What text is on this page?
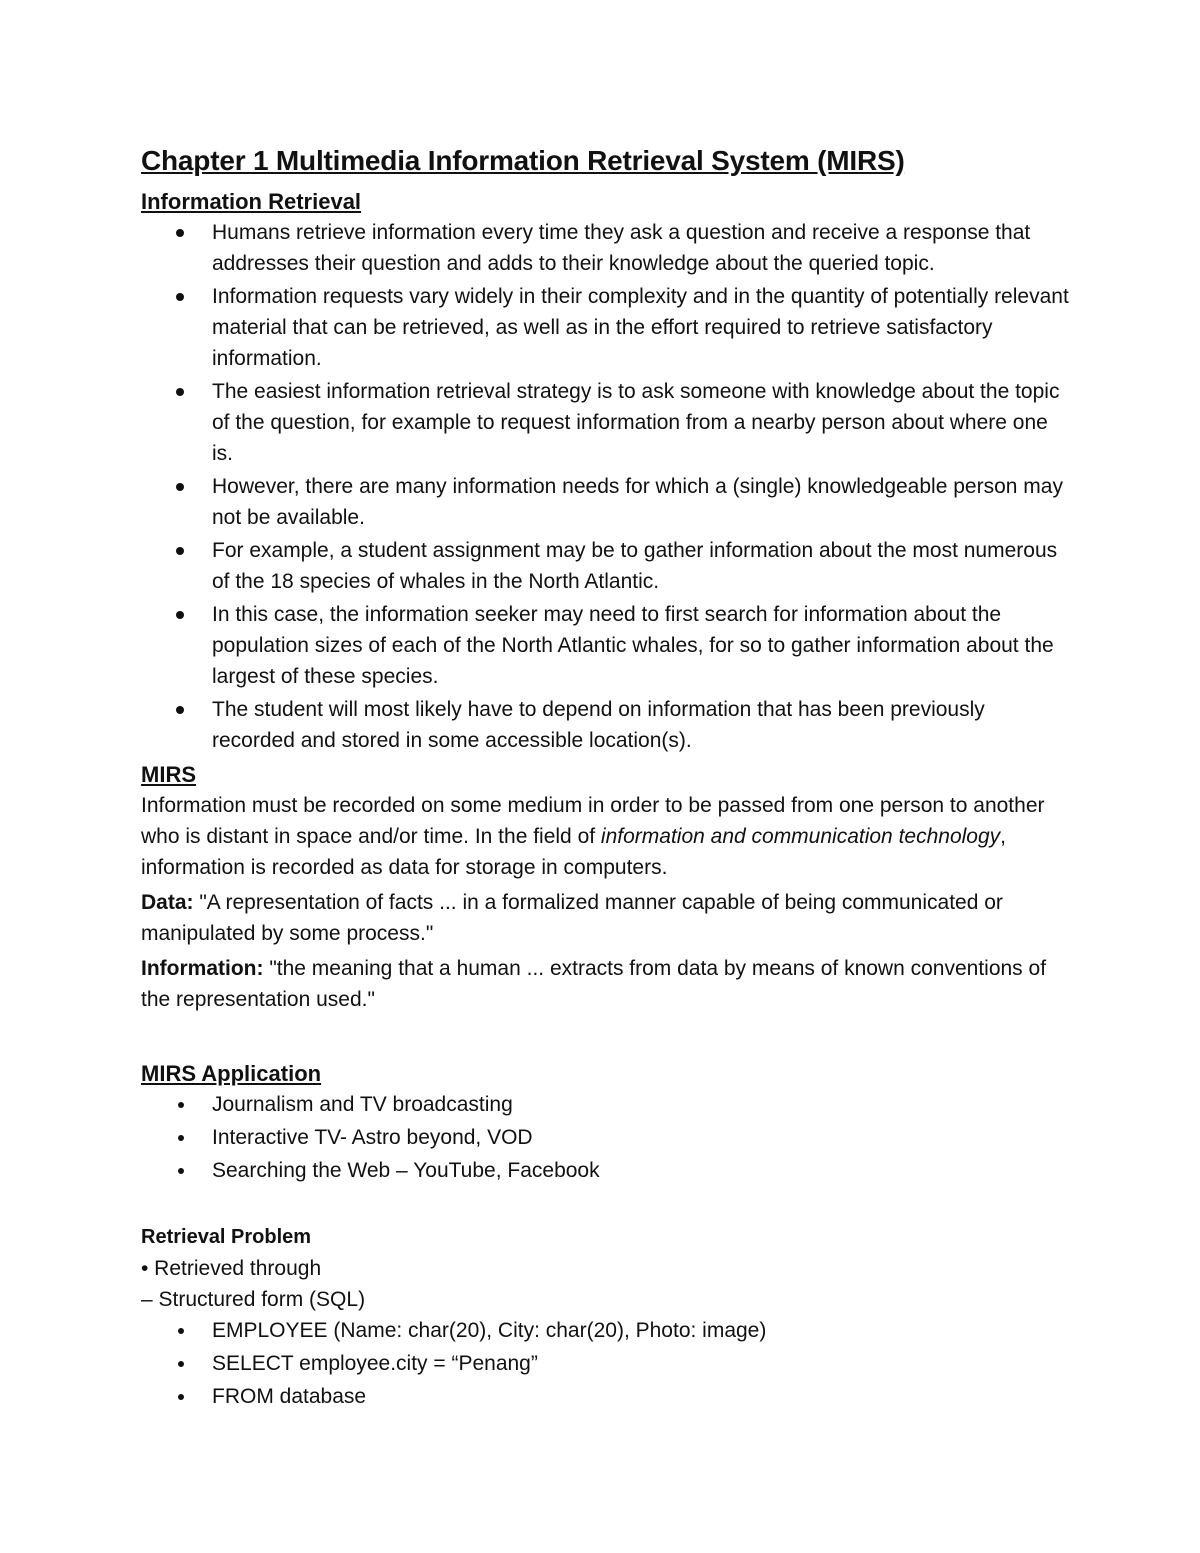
Chapter 1 Multimedia Information Retrieval System (MIRS)
Information Retrieval
Humans retrieve information every time they ask a question and receive a response that addresses their question and adds to their knowledge about the queried topic.
Information requests vary widely in their complexity and in the quantity of potentially relevant material that can be retrieved, as well as in the effort required to retrieve satisfactory information.
The easiest information retrieval strategy is to ask someone with knowledge about the topic of the question, for example to request information from a nearby person about where one is.
However, there are many information needs for which a (single) knowledgeable person may not be available.
For example, a student assignment may be to gather information about the most numerous of the 18 species of whales in the North Atlantic.
In this case, the information seeker may need to first search for information about the population sizes of each of the North Atlantic whales, for so to gather information about the largest of these species.
The student will most likely have to depend on information that has been previously recorded and stored in some accessible location(s).
MIRS

Information must be recorded on some medium in order to be passed from one person to another who is distant in space and/or time. In the field of information and communication technology, information is recorded as data for storage in computers.

Data: "A representation of facts ... in a formalized manner capable of being communicated or manipulated by some process."

Information: "the meaning that a human ... extracts from data by means of known conventions of the representation used."

MIRS Application
Journalism and TV broadcasting
Interactive TV- Astro beyond, VOD
Searching the Web – YouTube, Facebook
Retrieval Problem

• Retrieved through

– Structured form (SQL)

EMPLOYEE (Name: char(20), City: char(20), Photo: image)
SELECT employee.city = “Penang”
FROM database
